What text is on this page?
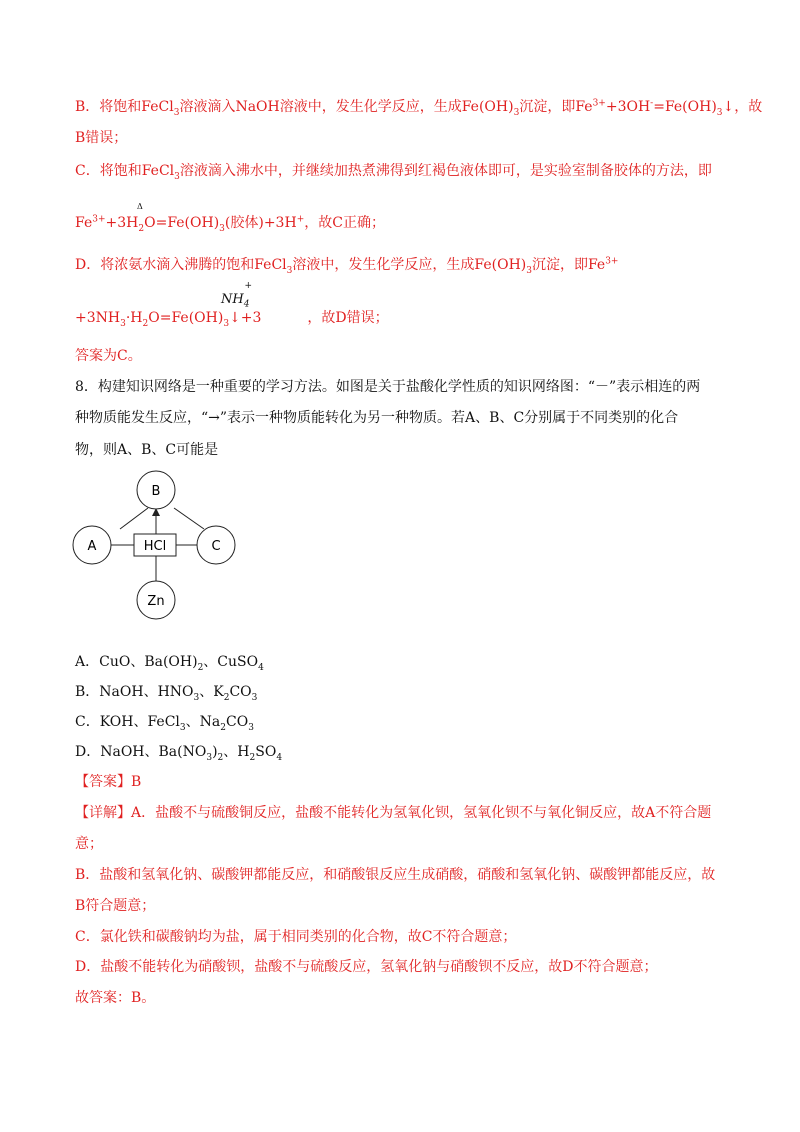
B．将饱和FeCl$_3$溶液滴入NaOH溶液中，发生化学反应，生成$Fe(OH)_3$沉淀，即$Fe^{3+}+3OH^-=Fe(OH)_3↓$，故
B错误；
C．将饱和FeCl$_3$溶液滴入沸水中，并继续加热煮沸得到红褐色液体即可，是实验室制备胶体的方法，即
$Fe^{3+}+3H_2O=Fe(OH)_3$(胶体)+3H+，故C正确；
Δ
D．将浓氨水滴入沸腾的饱和FeCl$_3$溶液中，发生化学反应，生成$Fe(OH)_3$沉淀，即$Fe^{3+}$
$+3NH_3\cdot H_2O=Fe(OH)_3↓+3$	，故D错误；
$NH_4^+$
答案为C。
8．构建知识网络是一种重要的学习方法。如图是关于盐酸化学性质的知识网络图：“－”表示相连的两
种物质能发生反应，“→”表示一种物质能转化为另一种物质。若A、B、C分别属于不同类别的化合
物，则A、B、C可能是
B
A	C
HCl
Zn
A．CuO、$Ba(OH)_2$、CuSO$_4$
B．NaOH、$HNO_3$、$K_2CO_3$
C．KOH、FeCl$_3$、$Na_2CO_3$
D．NaOH、$Ba(NO_3)_2$、$H_2SO_4$
【答案】B
【详解】A．盐酸不与硫酸铜反应，盐酸不能转化为氢氧化钡，氢氧化钡不与氧化铜反应，故A不符合题
意；
B．盐酸和氢氧化钠、碳酸钾都能反应，和硝酸银反应生成硝酸，硝酸和氢氧化钠、碳酸钾都能反应，故
B符合题意；
C．氯化铁和碳酸钠均为盐，属于相同类别的化合物，故C不符合题意；
D．盐酸不能转化为硝酸钡，盐酸不与硫酸反应，氢氧化钠与硝酸钡不反应，故D不符合题意；
故答案：B。
